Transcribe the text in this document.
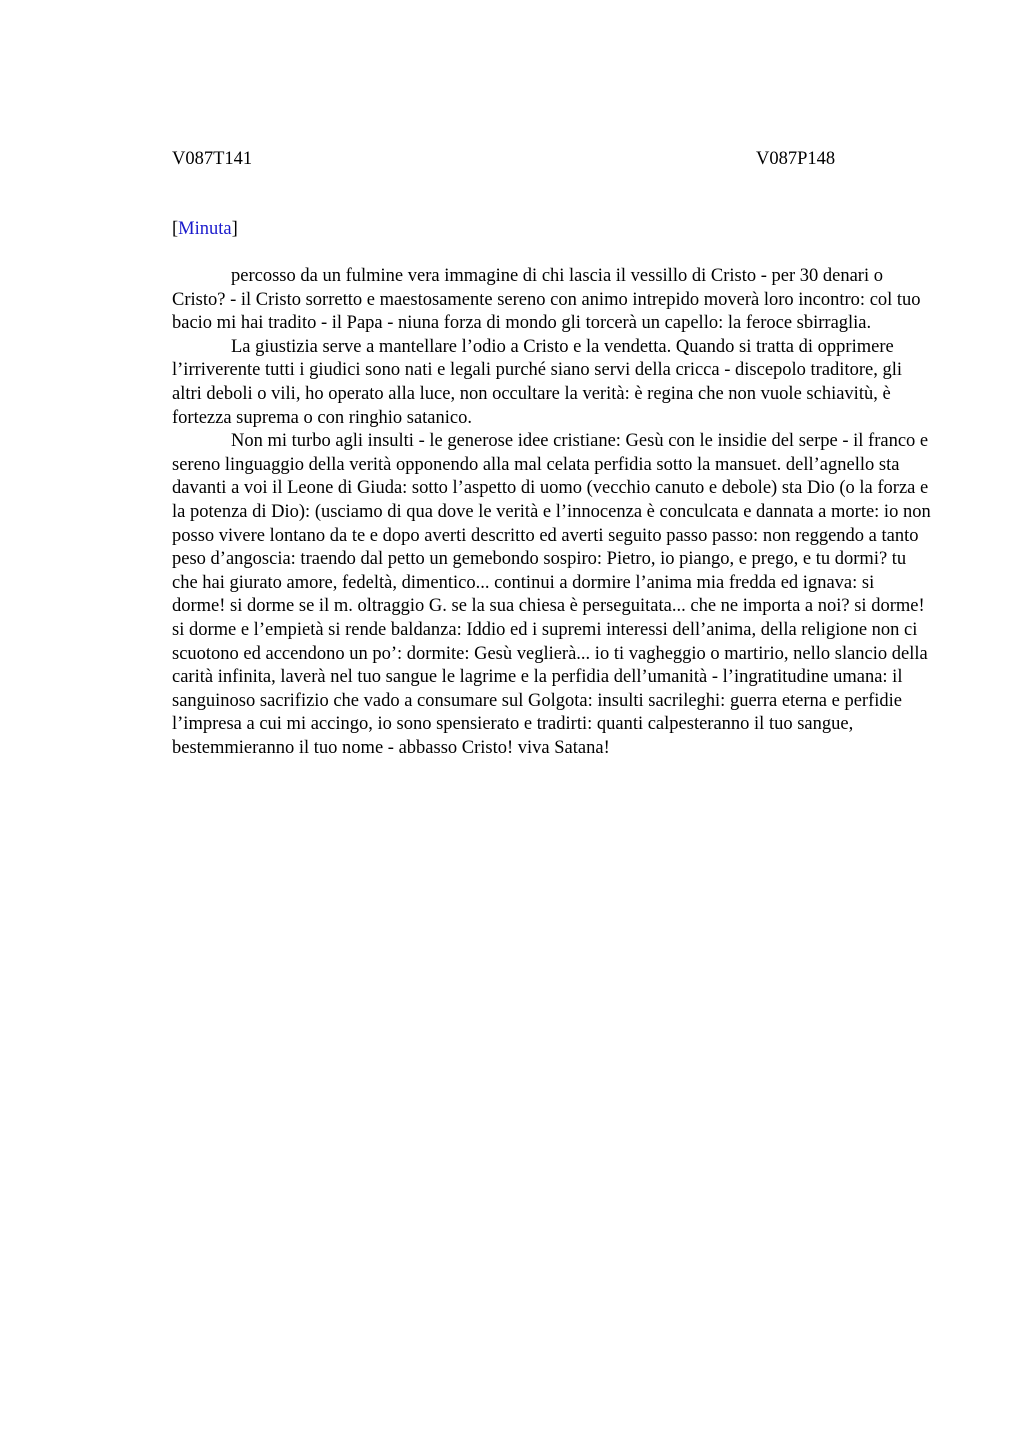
V087T141	V087P148
[Minuta]

percosso da un fulmine vera immagine di chi lascia il vessillo di Cristo - per 30 denari o Cristo? - il Cristo sorretto e maestosamente sereno con animo intrepido moverà loro incontro: col tuo bacio mi hai tradito - il Papa - niuna forza di mondo gli torcerà un capello: la feroce sbirraglia.

La giustizia serve a mantellare l’odio a Cristo e la vendetta. Quando si tratta di opprimere l’irriverente tutti i giudici sono nati e legali purché siano servi della cricca - discepolo traditore, gli altri deboli o vili, ho operato alla luce, non occultare la verità: è regina che non vuole schiavitù, è fortezza suprema o con ringhio satanico.

Non mi turbo agli insulti - le generose idee cristiane: Gesù con le insidie del serpe - il franco e sereno linguaggio della verità opponendo alla mal celata perfidia sotto la mansuet. dell’agnello sta davanti a voi il Leone di Giuda: sotto l’aspetto di uomo (vecchio canuto e debole) sta Dio (o la forza e la potenza di Dio): (usciamo di qua dove le verità e l’innocenza è conculcata e dannata a morte: io non posso vivere lontano da te e dopo averti descritto ed averti seguito passo passo: non reggendo a tanto peso d’angoscia: traendo dal petto un gemebondo sospiro: Pietro, io piango, e prego, e tu dormi? tu che hai giurato amore, fedeltà, dimentico... continui a dormire l’anima mia fredda ed ignava: si dorme! si dorme se il m. oltraggio G. se la sua chiesa è perseguitata... che ne importa a noi? si dorme! si dorme e l’empietà si rende baldanza: Iddio ed i supremi interessi dell’anima, della religione non ci scuotono ed accendono un po’: dormite: Gesù veglierà... io ti vagheggio o martirio, nello slancio della carità infinita, laverà nel tuo sangue le lagrime e la perfidia dell’umanità - l’ingratitudine umana: il sanguinoso sacrifizio che vado a consumare sul Golgota: insulti sacrileghi: guerra eterna e perfidie l’impresa a cui mi accingo, io sono spensierato e tradirti: quanti calpesteranno il tuo sangue, bestemmieranno il tuo nome - abbasso Cristo! viva Satana!
